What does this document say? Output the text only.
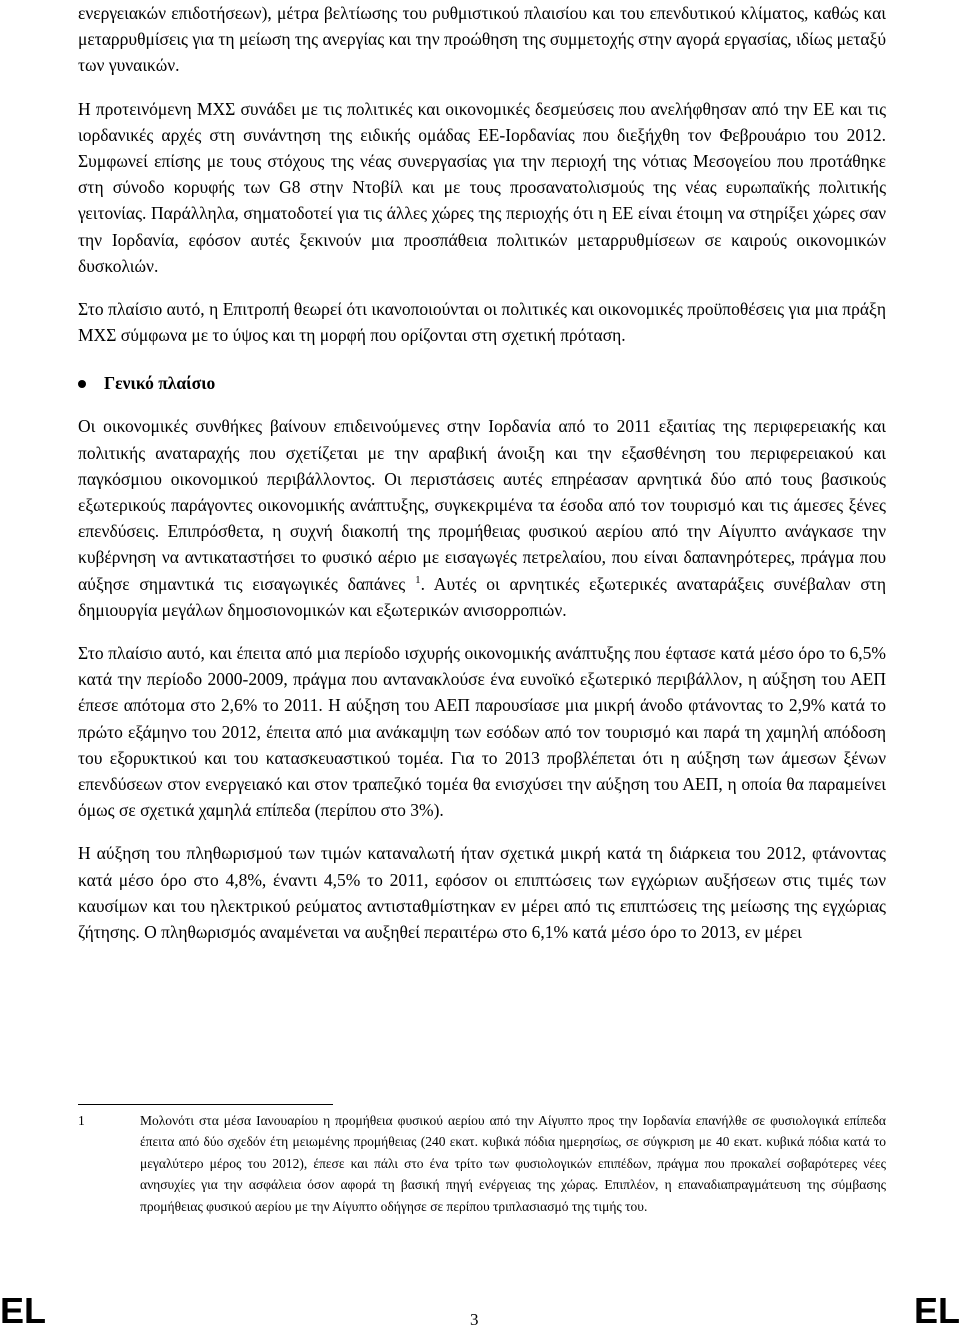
ενεργειακών επιδοτήσεων), μέτρα βελτίωσης του ρυθμιστικού πλαισίου και του επενδυτικού κλίματος, καθώς και μεταρρυθμίσεις για τη μείωση της ανεργίας και την προώθηση της συμμετοχής στην αγορά εργασίας, ιδίως μεταξύ των γυναικών.

Η προτεινόμενη ΜΧΣ συνάδει με τις πολιτικές και οικονομικές δεσμεύσεις που ανελήφθησαν από την ΕΕ και τις ιορδανικές αρχές στη συνάντηση της ειδικής ομάδας ΕΕ-Ιορδανίας που διεξήχθη τον Φεβρουάριο του 2012. Συμφωνεί επίσης με τους στόχους της νέας συνεργασίας για την περιοχή της νότιας Μεσογείου που προτάθηκε στη σύνοδο κορυφής των G8 στην Ντοβίλ και με τους προσανατολισμούς της νέας ευρωπαϊκής πολιτικής γειτονίας. Παράλληλα, σηματοδοτεί για τις άλλες χώρες της περιοχής ότι η ΕΕ είναι έτοιμη να στηρίξει χώρες σαν την Ιορδανία, εφόσον αυτές ξεκινούν μια προσπάθεια πολιτικών μεταρρυθμίσεων σε καιρούς οικονομικών δυσκολιών.

Στο πλαίσιο αυτό, η Επιτροπή θεωρεί ότι ικανοποιούνται οι πολιτικές και οικονομικές προϋποθέσεις για μια πράξη ΜΧΣ σύμφωνα με το ύψος και τη μορφή που ορίζονται στη σχετική πρόταση.

Γενικό πλαίσιο

Οι οικονομικές συνθήκες βαίνουν επιδεινούμενες στην Ιορδανία από το 2011 εξαιτίας της περιφερειακής και πολιτικής αναταραχής που σχετίζεται με την αραβική άνοιξη και την εξασθένηση του περιφερειακού και παγκόσμιου οικονομικού περιβάλλοντος. Οι περιστάσεις αυτές επηρέασαν αρνητικά δύο από τους βασικούς εξωτερικούς παράγοντες οικονομικής ανάπτυξης, συγκεκριμένα τα έσοδα από τον τουρισμό και τις άμεσες ξένες επενδύσεις. Επιπρόσθετα, η συχνή διακοπή της προμήθειας φυσικού αερίου από την Αίγυπτο ανάγκασε την κυβέρνηση να αντικαταστήσει το φυσικό αέριο με εισαγωγές πετρελαίου, που είναι δαπανηρότερες, πράγμα που αύξησε σημαντικά τις εισαγωγικές δαπάνες $^1$. Αυτές οι αρνητικές εξωτερικές αναταράξεις συνέβαλαν στη δημιουργία μεγάλων δημοσιονομικών και εξωτερικών ανισορροπιών.

Στο πλαίσιο αυτό, και έπειτα από μια περίοδο ισχυρής οικονομικής ανάπτυξης που έφτασε κατά μέσο όρο το 6,5% κατά την περίοδο 2000-2009, πράγμα που αντανακλούσε ένα ευνοϊκό εξωτερικό περιβάλλον, η αύξηση του ΑΕΠ έπεσε απότομα στο 2,6% το 2011. Η αύξηση του ΑΕΠ παρουσίασε μια μικρή άνοδο φτάνοντας το 2,9% κατά το πρώτο εξάμηνο του 2012, έπειτα από μια ανάκαμψη των εσόδων από τον τουρισμό και παρά τη χαμηλή απόδοση του εξορυκτικού και του κατασκευαστικού τομέα. Για το 2013 προβλέπεται ότι η αύξηση των άμεσων ξένων επενδύσεων στον ενεργειακό και στον τραπεζικό τομέα θα ενισχύσει την αύξηση του ΑΕΠ, η οποία θα παραμείνει όμως σε σχετικά χαμηλά επίπεδα (περίπου στο 3%).

Η αύξηση του πληθωρισμού των τιμών καταναλωτή ήταν σχετικά μικρή κατά τη διάρκεια του 2012, φτάνοντας κατά μέσο όρο στο 4,8%, έναντι 4,5% το 2011, εφόσον οι επιπτώσεις των εγχώριων αυξήσεων στις τιμές των καυσίμων και του ηλεκτρικού ρεύματος αντισταθμίστηκαν εν μέρει από τις επιπτώσεις της μείωσης της εγχώριας ζήτησης. Ο πληθωρισμός αναμένεται να αυξηθεί περαιτέρω στο 6,1% κατά μέσο όρο το 2013, εν μέρει

1	Μολονότι στα μέσα Ιανουαρίου η προμήθεια φυσικού αερίου από την Αίγυπτο προς την Ιορδανία επανήλθε σε φυσιολογικά επίπεδα έπειτα από δύο σχεδόν έτη μειωμένης προμήθειας (240 εκατ. κυβικά πόδια ημερησίως, σε σύγκριση με 40 εκατ. κυβικά πόδια κατά το μεγαλύτερο μέρος του 2012), έπεσε και πάλι στο ένα τρίτο των φυσιολογικών επιπέδων, πράγμα που προκαλεί σοβαρότερες νέες ανησυχίες για την ασφάλεια όσον αφορά τη βασική πηγή ενέργειας της χώρας. Επιπλέον, η επαναδιαπραγμάτευση της σύμβασης προμήθειας φυσικού αερίου με την Αίγυπτο οδήγησε σε περίπου τριπλασιασμό της τιμής του.
EL	3	EL
